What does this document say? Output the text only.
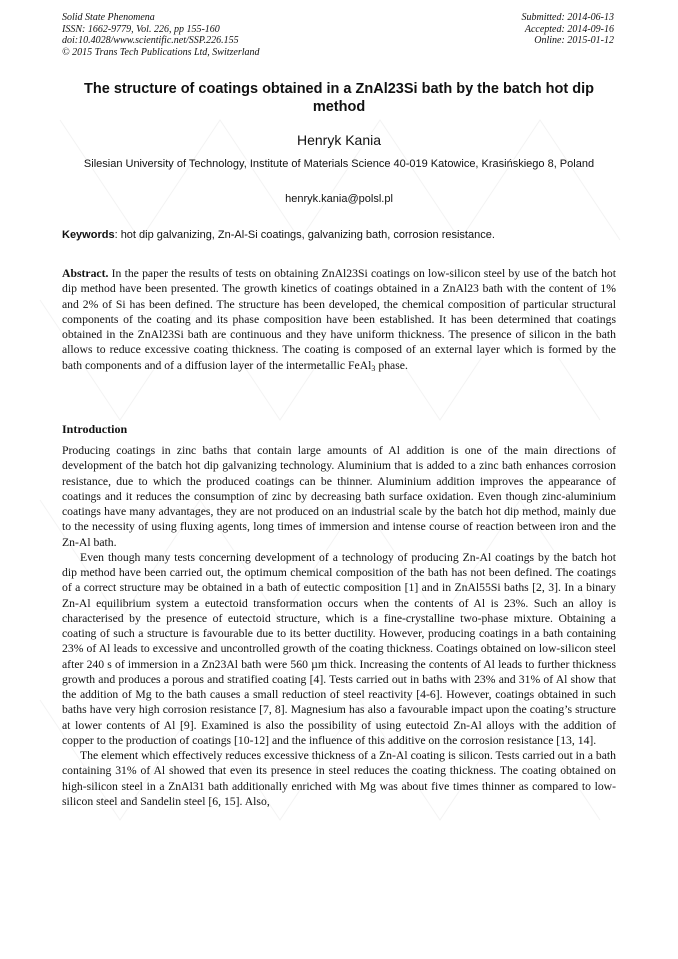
Solid State Phenomena
ISSN: 1662-9779, Vol. 226, pp 155-160
doi:10.4028/www.scientific.net/SSP.226.155
© 2015 Trans Tech Publications Ltd, Switzerland
Submitted: 2014-06-13
Accepted: 2014-09-16
Online: 2015-01-12
The structure of coatings obtained in a ZnAl23Si bath by the batch hot dip method
Henryk Kania
Silesian University of Technology, Institute of Materials Science 40-019 Katowice, Krasińskiego 8, Poland
henryk.kania@polsl.pl
Keywords: hot dip galvanizing, Zn-Al-Si coatings, galvanizing bath, corrosion resistance.

Abstract. In the paper the results of tests on obtaining ZnAl23Si coatings on low-silicon steel by use of the batch hot dip method have been presented. The growth kinetics of coatings obtained in a ZnAl23 bath with the content of 1% and 2% of Si has been defined. The structure has been developed, the chemical composition of particular structural components of the coating and its phase composition have been established. It has been determined that coatings obtained in the ZnAl23Si bath are continuous and they have uniform thickness. The presence of silicon in the bath allows to reduce excessive coating thickness. The coating is composed of an external layer which is formed by the bath components and of a diffusion layer of the intermetallic FeAl$_3$ phase.

Introduction

Producing coatings in zinc baths that contain large amounts of Al addition is one of the main directions of development of the batch hot dip galvanizing technology. Aluminium that is added to a zinc bath enhances corrosion resistance, due to which the produced coatings can be thinner. Aluminium addition improves the appearance of coatings and it reduces the consumption of zinc by decreasing bath surface oxidation. Even though zinc-aluminium coatings have many advantages, they are not produced on an industrial scale by the batch hot dip method, mainly due to the necessity of using fluxing agents, long times of immersion and intense course of reaction between iron and the Zn-Al bath.

Even though many tests concerning development of a technology of producing Zn-Al coatings by the batch hot dip method have been carried out, the optimum chemical composition of the bath has not been defined. The coatings of a correct structure may be obtained in a bath of eutectic composition [1] and in ZnAl55Si baths [2, 3]. In a binary Zn-Al equilibrium system a eutectoid transformation occurs when the contents of Al is 23%. Such an alloy is characterised by the presence of eutectoid structure, which is a fine-crystalline two-phase mixture. Obtaining a coating of such a structure is favourable due to its better ductility. However, producing coatings in a bath containing 23% of Al leads to excessive and uncontrolled growth of the coating thickness. Coatings obtained on low-silicon steel after 240 s of immersion in a Zn23Al bath were 560 µm thick. Increasing the contents of Al leads to further thickness growth and produces a porous and stratified coating [4]. Tests carried out in baths with 23% and 31% of Al show that the addition of Mg to the bath causes a small reduction of steel reactivity [4-6]. However, coatings obtained in such baths have very high corrosion resistance [7, 8]. Magnesium has also a favourable impact upon the coating’s structure at lower contents of Al [9]. Examined is also the possibility of using eutectoid Zn-Al alloys with the addition of copper to the production of coatings [10-12] and the influence of this additive on the corrosion resistance [13, 14].

The element which effectively reduces excessive thickness of a Zn-Al coating is silicon. Tests carried out in a bath containing 31% of Al showed that even its presence in steel reduces the coating thickness. The coating obtained on high-silicon steel in a ZnAl31 bath additionally enriched with Mg was about five times thinner as compared to low-silicon steel and Sandelin steel [6, 15]. Also,
